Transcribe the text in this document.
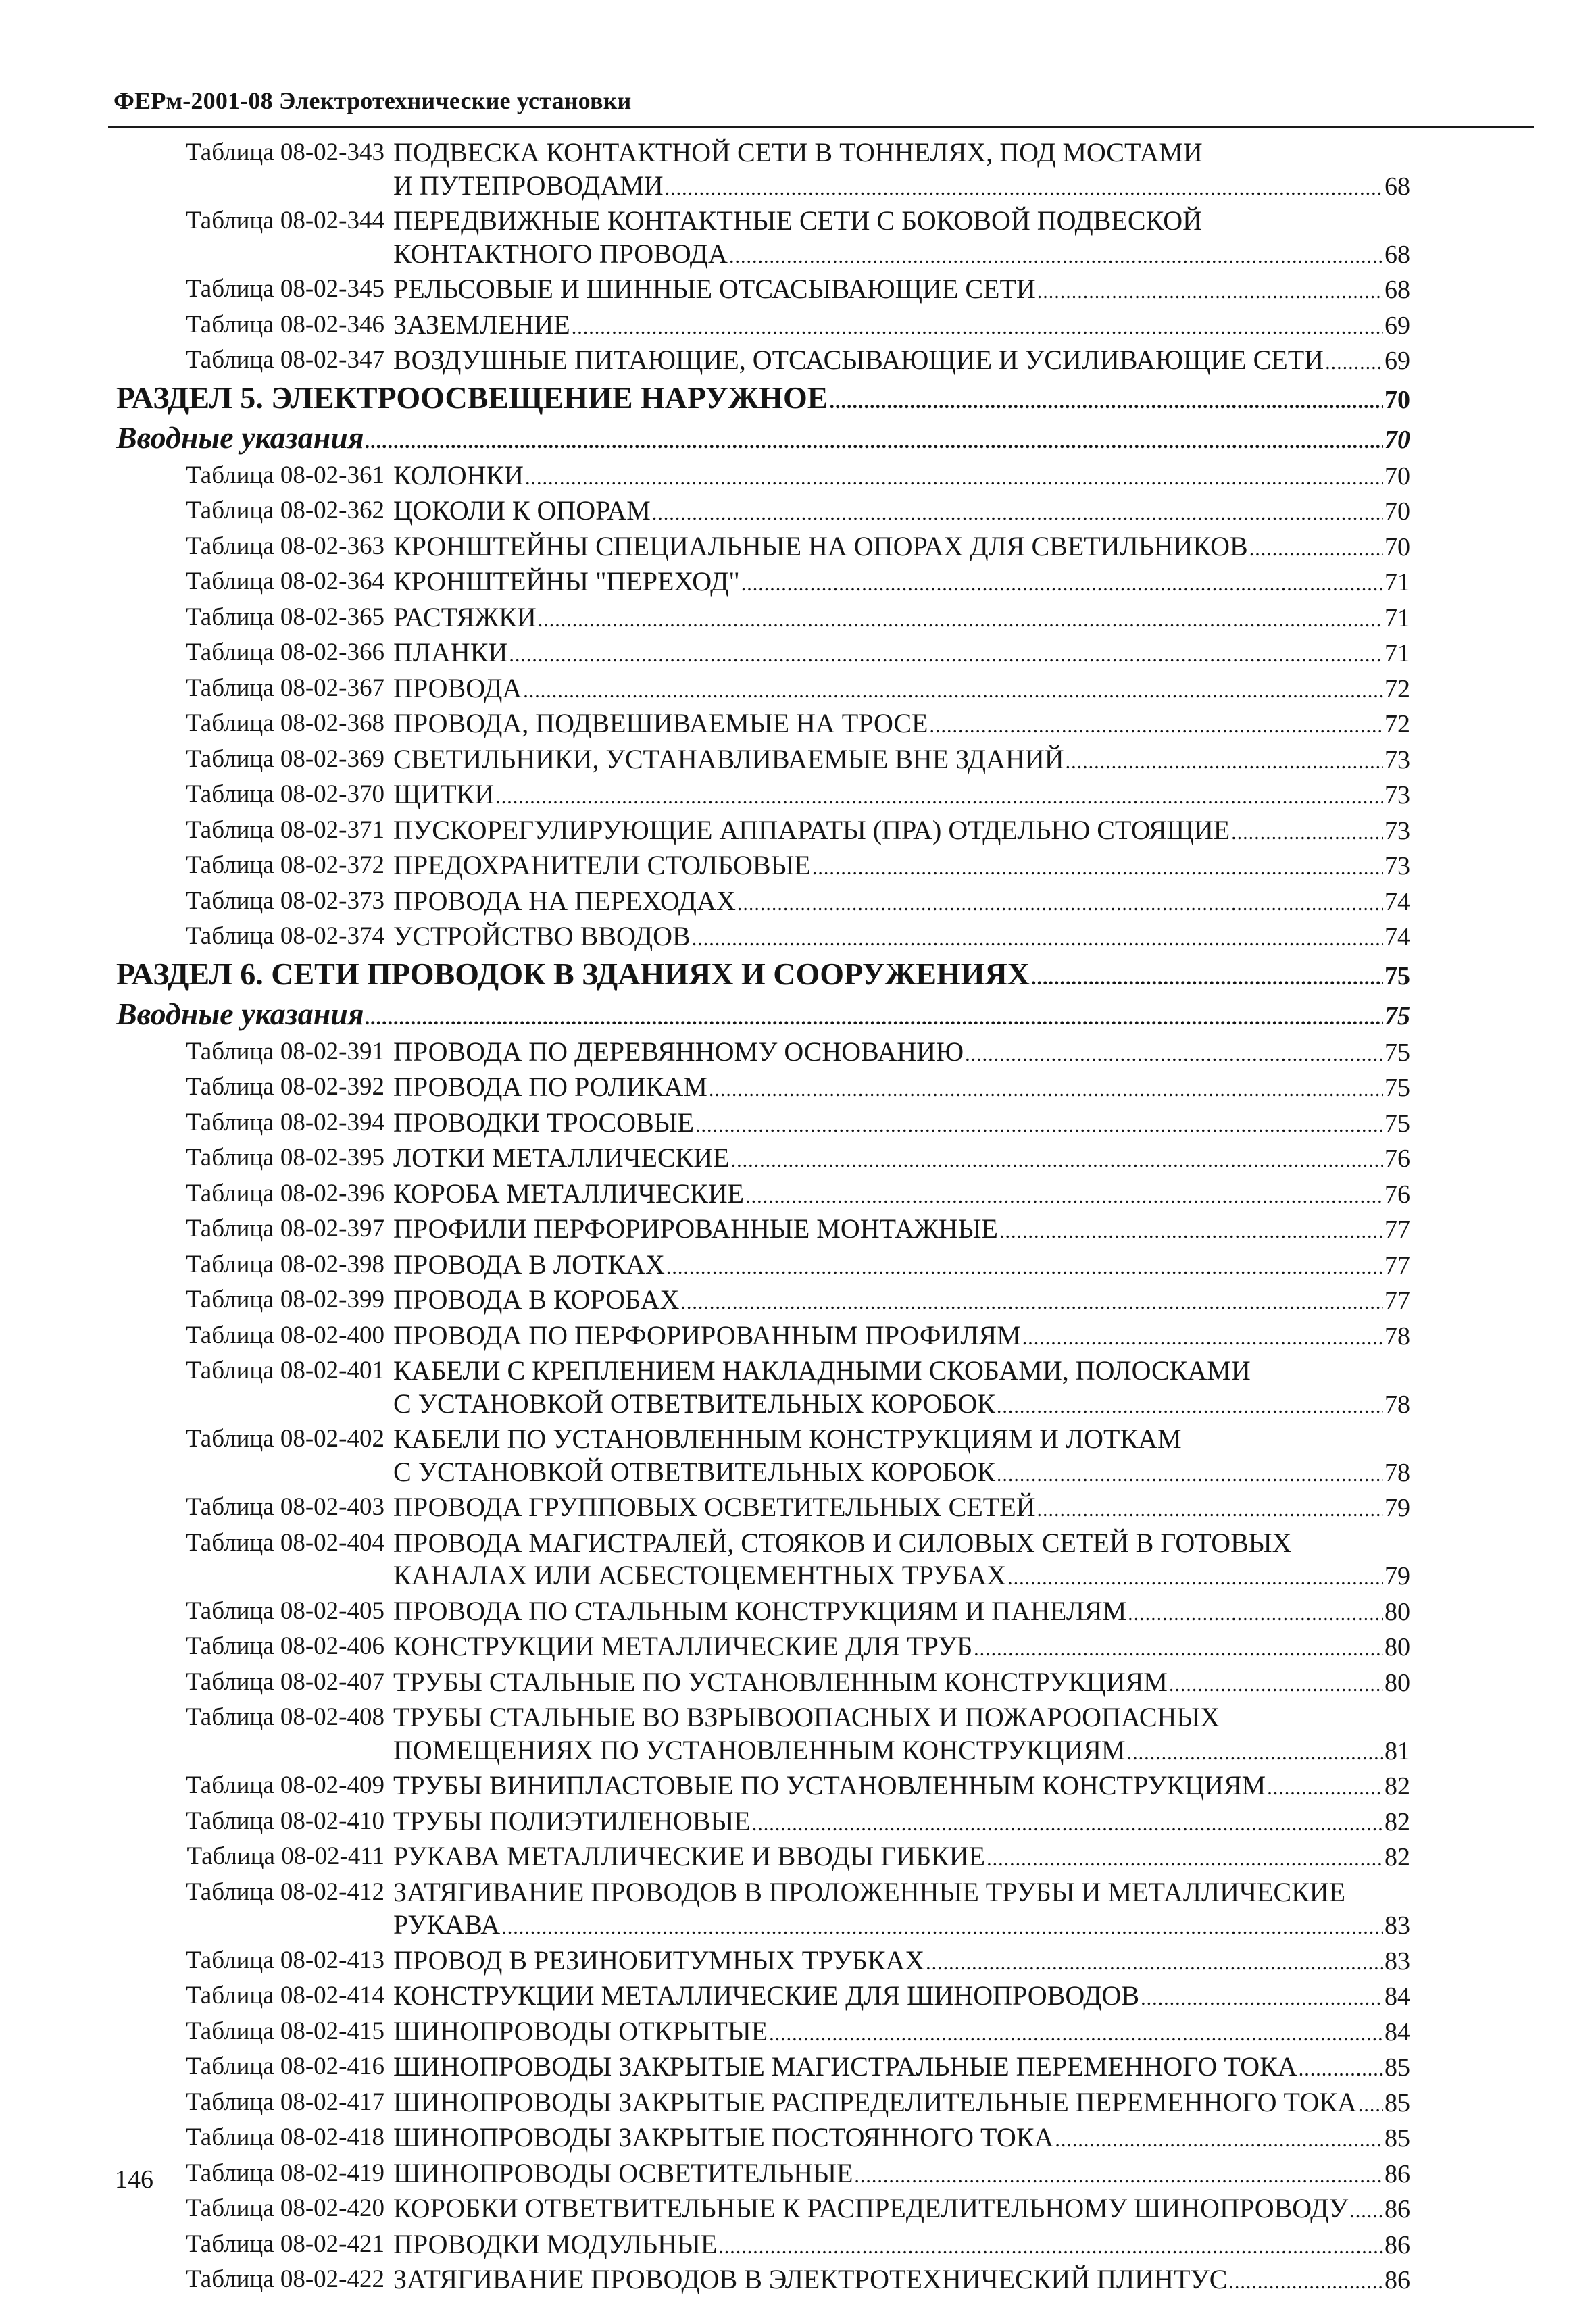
ФЕРм-2001-08 Электротехнические установки
Таблица 08-02-343 ПОДВЕСКА КОНТАКТНОЙ СЕТИ В ТОННЕЛЯХ, ПОД МОСТАМИ
И ПУТЕПРОВОДАМИ .....	68
Таблица 08-02-344 ПЕРЕДВИЖНЫЕ КОНТАКТНЫЕ СЕТИ С БОКОВОЙ ПОДВЕСКОЙ
КОНТАКТНОГО ПРОВОДА .....	68
Таблица 08-02-345 РЕЛЬСОВЫЕ И ШИННЫЕ ОТСАСЫВАЮЩИЕ СЕТИ .....	68
Таблица 08-02-346 ЗАЗЕМЛЕНИЕ .....	69
Таблица 08-02-347 ВОЗДУШНЫЕ ПИТАЮЩИЕ, ОТСАСЫВАЮЩИЕ И УСИЛИВАЮЩИЕ СЕТИ ..... 69
РАЗДЕЛ 5. ЭЛЕКТРООСВЕЩЕНИЕ НАРУЖНОЕ .....	70
Вводные указания .....	70
Таблица 08-02-361 КОЛОНКИ .....	70
Таблица 08-02-362 ЦОКОЛИ К ОПОРАМ .....	70
Таблица 08-02-363 КРОНШТЕЙНЫ СПЕЦИАЛЬНЫЕ НА ОПОРАХ ДЛЯ СВЕТИЛЬНИКОВ .....	70
Таблица 08-02-364 КРОНШТЕЙНЫ "ПЕРЕХОД" .....	71
Таблица 08-02-365 РАСТЯЖКИ .....	71
Таблица 08-02-366 ПЛАНКИ .....	71
Таблица 08-02-367 ПРОВОДА .....	72
Таблица 08-02-368 ПРОВОДА, ПОДВЕШИВАЕМЫЕ НА ТРОСЕ .....	72
Таблица 08-02-369 СВЕТИЛЬНИКИ, УСТАНАВЛИВАЕМЫЕ ВНЕ ЗДАНИЙ .....	73
Таблица 08-02-370 ЩИТКИ .....	73
Таблица 08-02-371 ПУСКОРЕГУЛИРУЮЩИЕ АППАРАТЫ (ПРА) ОТДЕЛЬНО СТОЯЩИЕ .....	73
Таблица 08-02-372 ПРЕДОХРАНИТЕЛИ СТОЛБОВЫЕ .....	73
Таблица 08-02-373 ПРОВОДА НА ПЕРЕХОДАХ .....	74
Таблица 08-02-374 УСТРОЙСТВО ВВОДОВ .....	74
РАЗДЕЛ 6. СЕТИ ПРОВОДОК В ЗДАНИЯХ И СООРУЖЕНИЯХ .....	75
Вводные указания .....	75
Таблица 08-02-391 ПРОВОДА ПО ДЕРЕВЯННОМУ ОСНОВАНИЮ .....	75
Таблица 08-02-392 ПРОВОДА ПО РОЛИКАМ .....	75
Таблица 08-02-394 ПРОВОДКИ ТРОСОВЫЕ .....	75
Таблица 08-02-395 ЛОТКИ МЕТАЛЛИЧЕСКИЕ .....	76
Таблица 08-02-396 КОРОБА МЕТАЛЛИЧЕСКИЕ .....	76
Таблица 08-02-397 ПРОФИЛИ ПЕРФОРИРОВАННЫЕ МОНТАЖНЫЕ .....	77
Таблица 08-02-398 ПРОВОДА В ЛОТКАХ .....	77
Таблица 08-02-399 ПРОВОДА В КОРОБАХ .....	77
Таблица 08-02-400 ПРОВОДА ПО ПЕРФОРИРОВАННЫМ ПРОФИЛЯМ .....	78
Таблица 08-02-401 КАБЕЛИ С КРЕПЛЕНИЕМ НАКЛАДНЫМИ СКОБАМИ, ПОЛОСКАМИ
С УСТАНОВКОЙ ОТВЕТВИТЕЛЬНЫХ КОРОБОК .....	78
Таблица 08-02-402 КАБЕЛИ ПО УСТАНОВЛЕННЫМ КОНСТРУКЦИЯМ И ЛОТКАМ
С УСТАНОВКОЙ ОТВЕТВИТЕЛЬНЫХ КОРОБОК .....	78
Таблица 08-02-403 ПРОВОДА ГРУППОВЫХ ОСВЕТИТЕЛЬНЫХ СЕТЕЙ .....	79
Таблица 08-02-404 ПРОВОДА МАГИСТРАЛЕЙ, СТОЯКОВ И СИЛОВЫХ СЕТЕЙ В ГОТОВЫХ
КАНАЛАХ ИЛИ АСБЕСТОЦЕМЕНТНЫХ ТРУБАХ .....	79
Таблица 08-02-405 ПРОВОДА ПО СТАЛЬНЫМ КОНСТРУКЦИЯМ И ПАНЕЛЯМ .....	80
Таблица 08-02-406 КОНСТРУКЦИИ МЕТАЛЛИЧЕСКИЕ ДЛЯ ТРУБ .....	80
Таблица 08-02-407 ТРУБЫ СТАЛЬНЫЕ ПО УСТАНОВЛЕННЫМ КОНСТРУКЦИЯМ .....	80
Таблица 08-02-408 ТРУБЫ СТАЛЬНЫЕ ВО ВЗРЫВООПАСНЫХ И ПОЖАРООПАСНЫХ
ПОМЕЩЕНИЯХ ПО УСТАНОВЛЕННЫМ КОНСТРУКЦИЯМ .....	81
Таблица 08-02-409 ТРУБЫ ВИНИПЛАСТОВЫЕ ПО УСТАНОВЛЕННЫМ КОНСТРУКЦИЯМ .....	82
Таблица 08-02-410 ТРУБЫ ПОЛИЭТИЛЕНОВЫЕ .....	82
Таблица 08-02-411 РУКАВА МЕТАЛЛИЧЕСКИЕ И ВВОДЫ ГИБКИЕ .....	82
Таблица 08-02-412 ЗАТЯГИВАНИЕ ПРОВОДОВ В ПРОЛОЖЕННЫЕ ТРУБЫ И МЕТАЛЛИЧЕСКИЕ
РУКАВА .....	83
Таблица 08-02-413 ПРОВОД В РЕЗИНОБИТУМНЫХ ТРУБКАХ .....	83
Таблица 08-02-414 КОНСТРУКЦИИ МЕТАЛЛИЧЕСКИЕ ДЛЯ ШИНОПРОВОДОВ .....	84
Таблица 08-02-415 ШИНОПРОВОДЫ ОТКРЫТЫЕ .....	84
Таблица 08-02-416 ШИНОПРОВОДЫ ЗАКРЫТЫЕ МАГИСТРАЛЬНЫЕ ПЕРЕМЕННОГО ТОКА .....	85
Таблица 08-02-417 ШИНОПРОВОДЫ ЗАКРЫТЫЕ РАСПРЕДЕЛИТЕЛЬНЫЕ ПЕРЕМЕННОГО ТОКА ..... 85
Таблица 08-02-418 ШИНОПРОВОДЫ ЗАКРЫТЫЕ ПОСТОЯННОГО ТОКА .....	85
Таблица 08-02-419 ШИНОПРОВОДЫ ОСВЕТИТЕЛЬНЫЕ .....	86
Таблица 08-02-420 КОРОБКИ ОТВЕТВИТЕЛЬНЫЕ К РАСПРЕДЕЛИТЕЛЬНОМУ ШИНОПРОВОДУ ..... 86
Таблица 08-02-421 ПРОВОДКИ МОДУЛЬНЫЕ .....	86
Таблица 08-02-422 ЗАТЯГИВАНИЕ ПРОВОДОВ В ЭЛЕКТРОТЕХНИЧЕСКИЙ ПЛИНТУС .....	86
146
